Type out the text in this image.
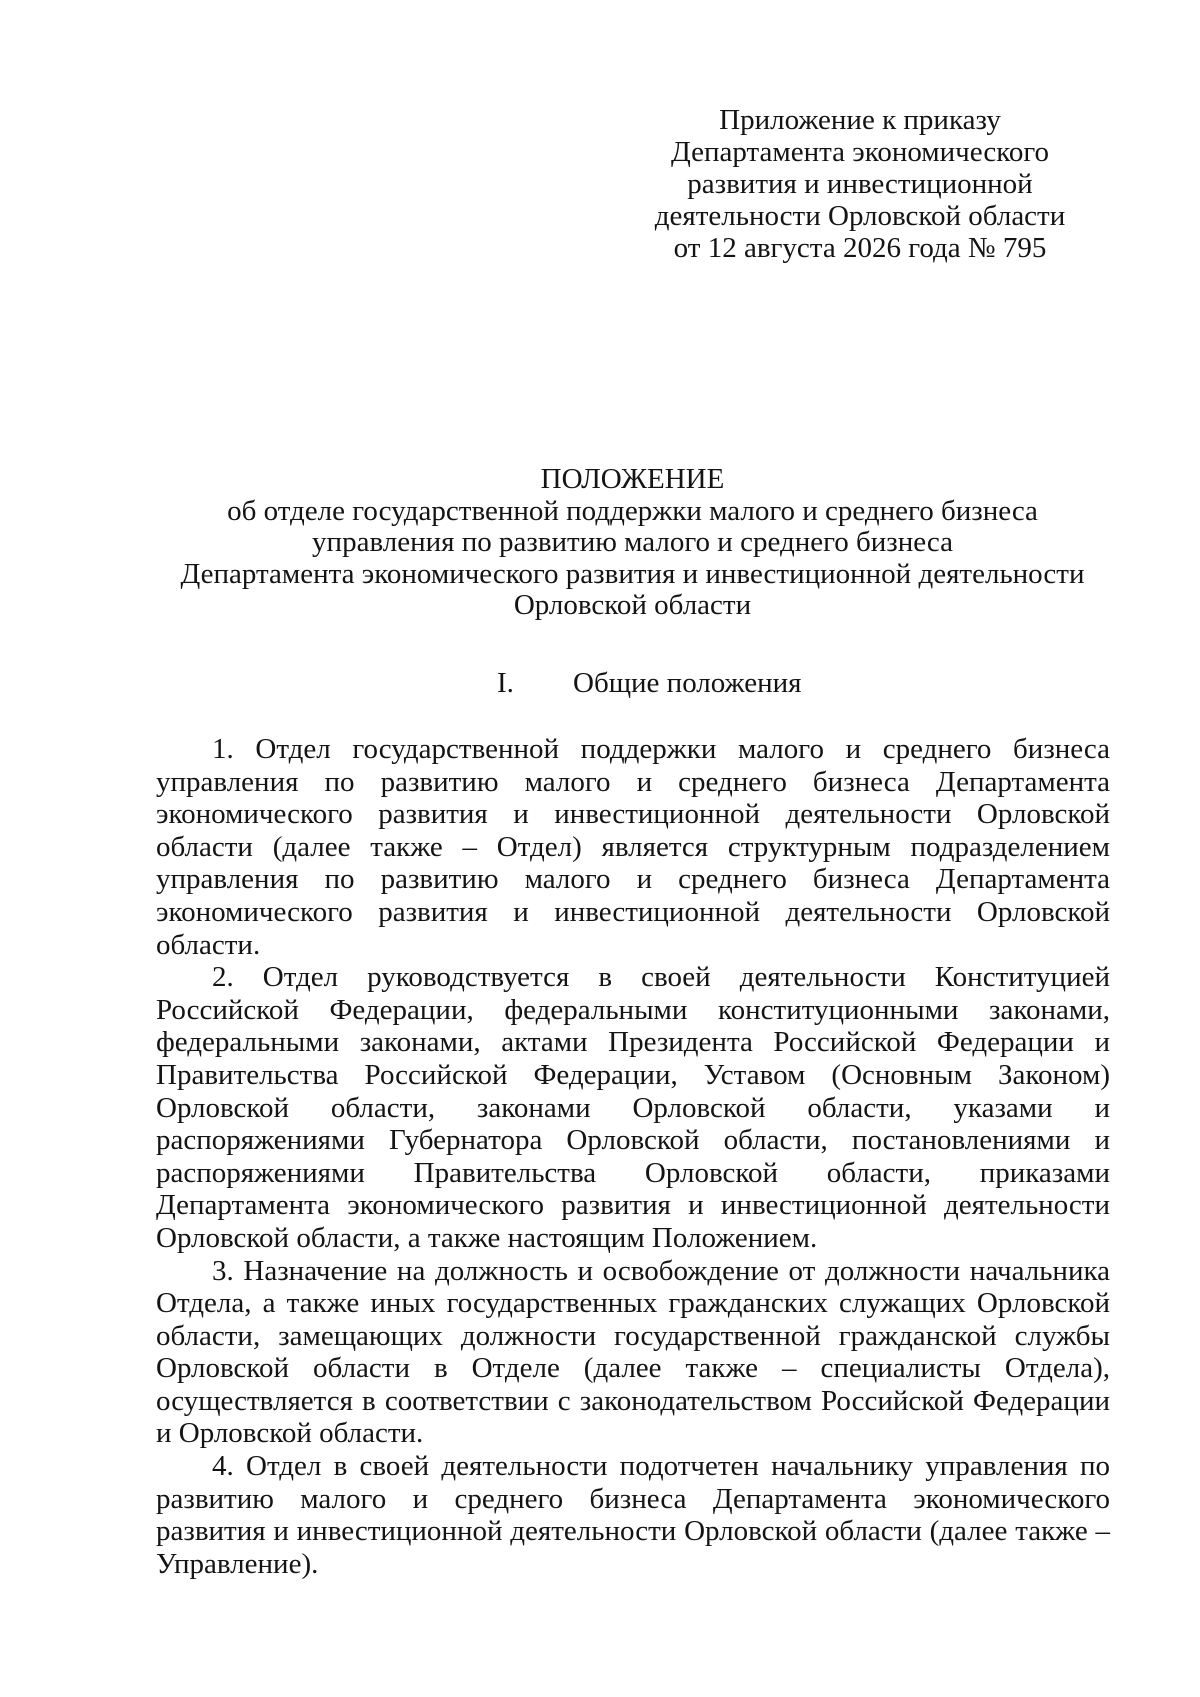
Приложение к приказу
Департамента экономического
развития и инвестиционной
деятельности Орловской области
от 12 августа 2026 года № 795
ПОЛОЖЕНИЕ
об отделе государственной поддержки малого и среднего бизнеса
управления по развитию малого и среднего бизнеса
Департамента экономического развития и инвестиционной деятельности
Орловской области
I. Общие положения

1. Отдел государственной поддержки малого и среднего бизнеса управления по развитию малого и среднего бизнеса Департамента экономического развития и инвестиционной деятельности Орловской области (далее также – Отдел) является структурным подразделением управления по развитию малого и среднего бизнеса Департамента экономического развития и инвестиционной деятельности Орловской области.

2. Отдел руководствуется в своей деятельности Конституцией Российской Федерации, федеральными конституционными законами, федеральными законами, актами Президента Российской Федерации и Правительства Российской Федерации, Уставом (Основным Законом) Орловской области, законами Орловской области, указами и распоряжениями Губернатора Орловской области, постановлениями и распоряжениями Правительства Орловской области, приказами Департамента экономического развития и инвестиционной деятельности Орловской области, а также настоящим Положением.

3. Назначение на должность и освобождение от должности начальника Отдела, а также иных государственных гражданских служащих Орловской области, замещающих должности государственной гражданской службы Орловской области в Отделе (далее также – специалисты Отдела), осуществляется в соответствии с законодательством Российской Федерации и Орловской области.

4. Отдел в своей деятельности подотчетен начальнику управления по развитию малого и среднего бизнеса Департамента экономического развития и инвестиционной деятельности Орловской области (далее также – Управление).
